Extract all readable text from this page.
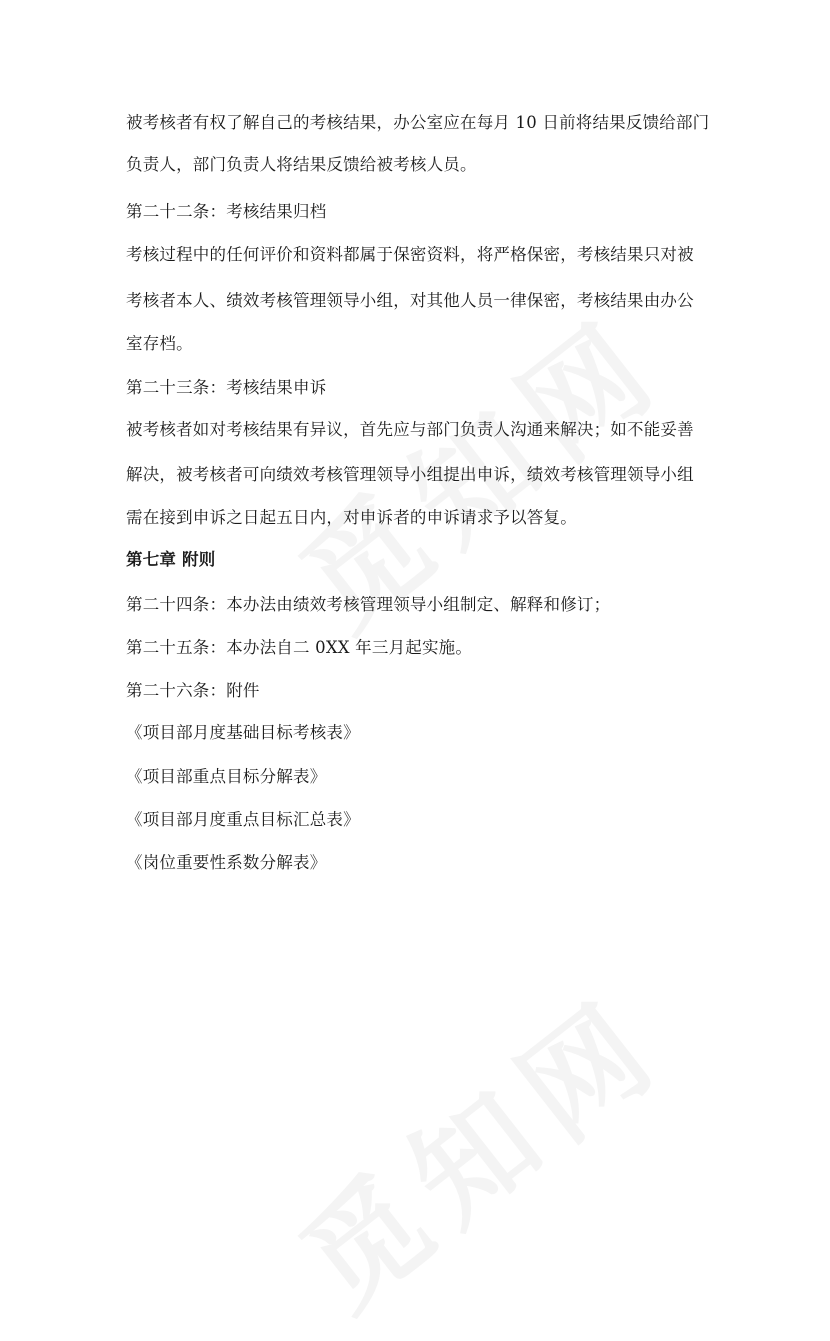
被考核者有权了解自己的考核结果，办公室应在每月 10 日前将结果反馈给部门

负责人，部门负责人将结果反馈给被考核人员。

第二十二条：考核结果归档

考核过程中的任何评价和资料都属于保密资料，将严格保密，考核结果只对被

考核者本人、绩效考核管理领导小组，对其他人员一律保密，考核结果由办公

室存档。

第二十三条：考核结果申诉

被考核者如对考核结果有异议，首先应与部门负责人沟通来解决；如不能妥善

解决，被考核者可向绩效考核管理领导小组提出申诉，绩效考核管理领导小组

需在接到申诉之日起五日内，对申诉者的申诉请求予以答复。

第七章 附则

第二十四条：本办法由绩效考核管理领导小组制定、解释和修订；

第二十五条：本办法自二 0XX 年三月起实施。

第二十六条：附件

《项目部月度基础目标考核表》

《项目部重点目标分解表》

《项目部月度重点目标汇总表》

《岗位重要性系数分解表》
